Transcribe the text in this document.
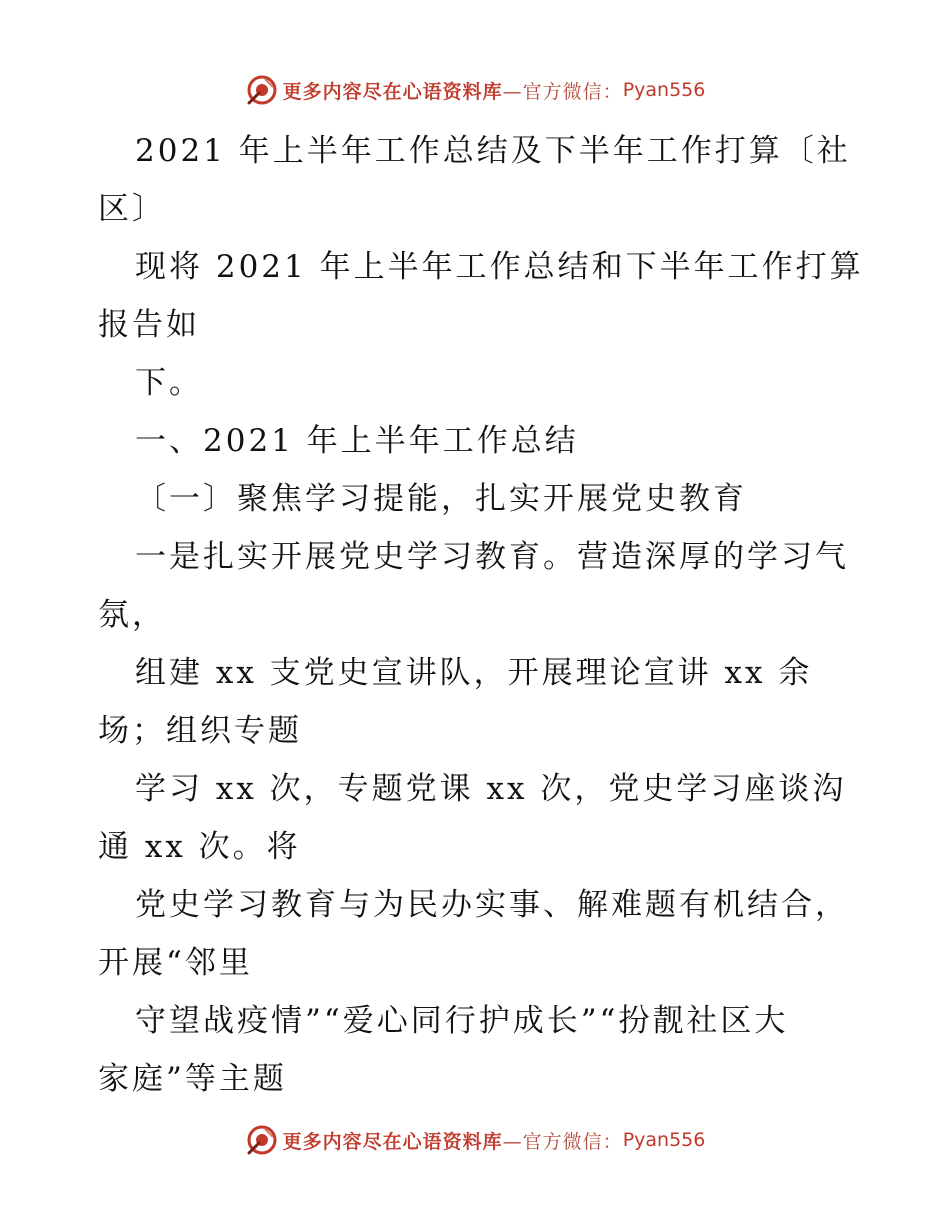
更多内容尽在心语资料库 —官方微信： Pyan556
2021 年上半年工作总结及下半年工作打算〔社
区〕
现将 2021 年上半年工作总结和下半年工作打算
报告如
下。
一、2021 年上半年工作总结
〔一〕聚焦学习提能，扎实开展党史教育
一是扎实开展党史学习教育。营造深厚的学习气
氛，
组建 xx 支党史宣讲队，开展理论宣讲 xx 余
场；组织专题
学习 xx 次，专题党课 xx 次，党史学习座谈沟
通 xx 次。将
党史学习教育与为民办实事、解难题有机结合，
开展“邻里
守望战疫情”“爱心同行护成长”“扮靓社区大
家庭”等主题
更多内容尽在心语资料库 —官方微信： Pyan556
